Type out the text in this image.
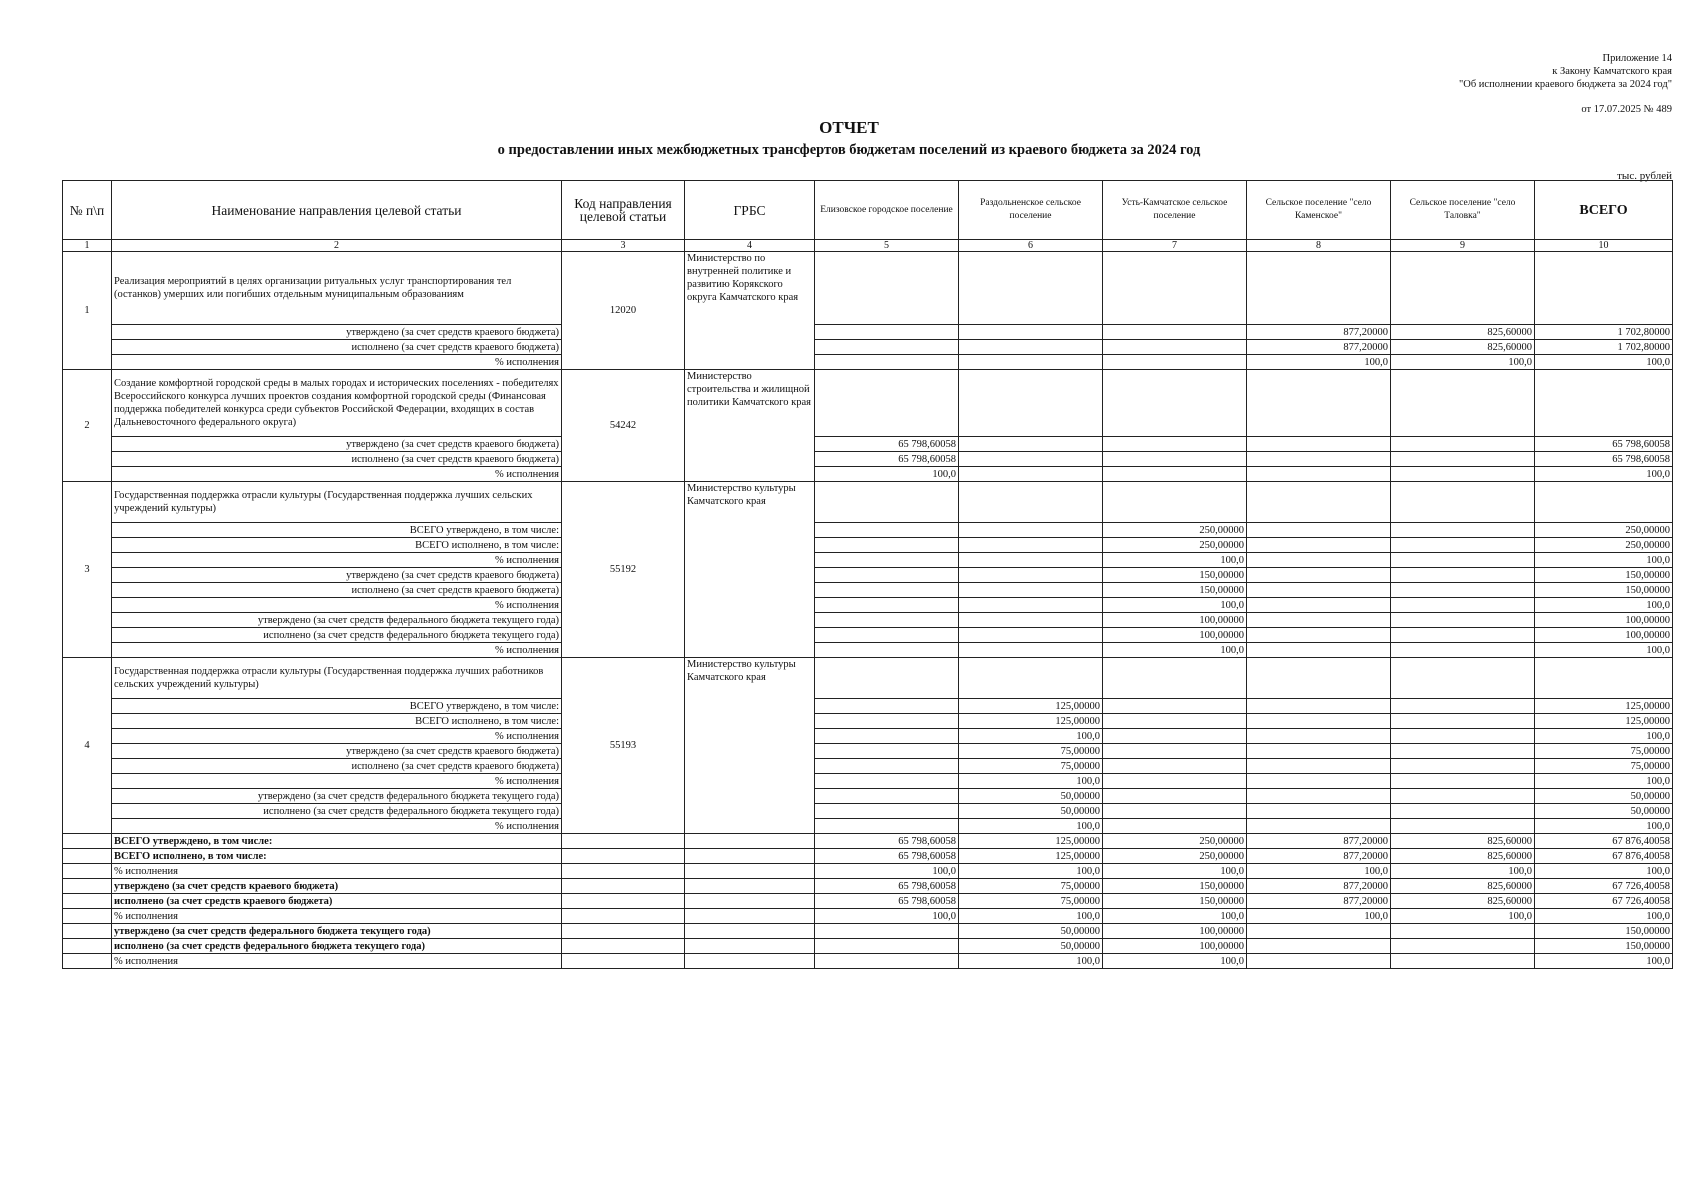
Приложение 14
к Закону Камчатского края
"Об исполнении краевого бюджета за 2024 год"
от 17.07.2025 № 489
ОТЧЕТ
о предоставлении иных межбюджетных трансфертов бюджетам поселений из краевого бюджета за 2024 год
тыс. рублей
№ п\п	Наименование направления целевой статьи	Код направления целевой статьи	ГРБС	Елизовское городское поселение	Раздольненское сельское поселение	Усть-Камчатское сельское поселение	Сельское поселение "село Каменское"	Сельское поселение "село Таловка"	ВСЕГО
1	2	3	4	5	6	7	8	9	10
1	Реализация мероприятий в целях организации ритуальных услуг транспортирования тел (останков) умерших или погибших отдельным муниципальным образованиям	12020	Министерство по внутренней политике и развитию Корякского округа Камчатского края						
	утверждено (за счет средств краевого бюджета)						877,20000	825,60000	1 702,80000
	исполнено (за счет средств краевого бюджета)						877,20000	825,60000	1 702,80000
	% исполнения						100,0	100,0	100,0
2	Создание комфортной городской среды в малых городах и исторических поселениях - победителях Всероссийского конкурса лучших проектов создания комфортной городской среды (Финансовая поддержка победителей конкурса среди субъектов Российской Федерации, входящих в состав Дальневосточного федерального округа)	54242	Министерство строительства и жилищной политики Камчатского края						
	утверждено (за счет средств краевого бюджета)			65 798,60058					65 798,60058
	исполнено (за счет средств краевого бюджета)			65 798,60058					65 798,60058
	% исполнения			100,0					100,0
3	Государственная поддержка отрасли культуры (Государственная поддержка лучших сельских учреждений культуры)	55192	Министерство культуры Камчатского края						
	ВСЕГО утверждено, в том числе:					250,00000			250,00000
	ВСЕГО исполнено, в том числе:					250,00000			250,00000
	% исполнения					100,0			100,0
	утверждено (за счет средств краевого бюджета)					150,00000			150,00000
	исполнено (за счет средств краевого бюджета)					150,00000			150,00000
	% исполнения					100,0			100,0
	утверждено (за счет средств федерального бюджета текущего года)					100,00000			100,00000
	исполнено (за счет средств федерального бюджета текущего года)					100,00000			100,00000
	% исполнения					100,0			100,0
4	Государственная поддержка отрасли культуры (Государственная поддержка лучших работников сельских учреждений культуры)	55193	Министерство культуры Камчатского края						
	ВСЕГО утверждено, в том числе:				125,00000				125,00000
	ВСЕГО исполнено, в том числе:				125,00000				125,00000
	% исполнения				100,0				100,0
	утверждено (за счет средств краевого бюджета)				75,00000				75,00000
	исполнено (за счет средств краевого бюджета)				75,00000				75,00000
	% исполнения				100,0				100,0
	утверждено (за счет средств федерального бюджета текущего года)				50,00000				50,00000
	исполнено (за счет средств федерального бюджета текущего года)				50,00000				50,00000
	% исполнения				100,0				100,0
	ВСЕГО утверждено, в том числе:			65 798,60058	125,00000	250,00000	877,20000	825,60000	67 876,40058
	ВСЕГО исполнено, в том числе:			65 798,60058	125,00000	250,00000	877,20000	825,60000	67 876,40058
	% исполнения			100,0	100,0	100,0	100,0	100,0	100,0
	утверждено (за счет средств краевого бюджета)			65 798,60058	75,00000	150,00000	877,20000	825,60000	67 726,40058
	исполнено (за счет средств краевого бюджета)			65 798,60058	75,00000	150,00000	877,20000	825,60000	67 726,40058
	% исполнения			100,0	100,0	100,0	100,0	100,0	100,0
	утверждено (за счет средств федерального бюджета текущего года)				50,00000	100,00000			150,00000
	исполнено (за счет средств федерального бюджета текущего года)				50,00000	100,00000			150,00000
	% исполнения				100,0	100,0			100,0
